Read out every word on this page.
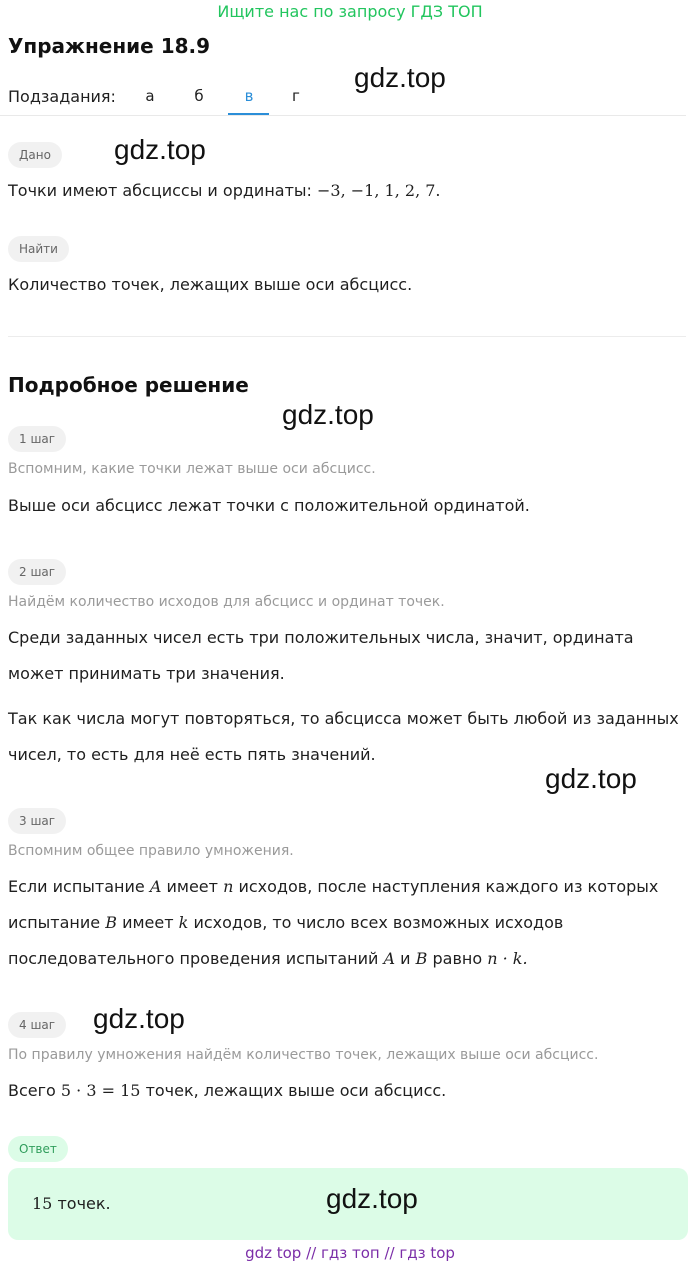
Ищите нас по запросу ГДЗ ТОП
Упражнение 18.9
gdz.top
Подзадания:	а	б	в	г
Дано	gdz.top
Точки имеют абсциссы и ординаты: −3, −1, 1, 2, 7.
Найти
Количество точек, лежащих выше оси абсцисс.
Подробное решение
gdz.top
1 шаг
Вспомним, какие точки лежат выше оси абсцисс.
Выше оси абсцисс лежат точки с положительной ординатой.
2 шаг
Найдём количество исходов для абсцисс и ординат точек.
Среди заданных чисел есть три положительных числа, значит, ордината
может принимать три значения.
Так как числа могут повторяться, то абсцисса может быть любой из заданных
чисел, то есть для неё есть пять значений.
gdz.top
3 шаг
Вспомним общее правило умножения.
Если испытание A имеет n исходов, после наступления каждого из которых
испытание B имеет k исходов, то число всех возможных исходов
последовательного проведения испытаний A и B равно n · k.
4 шаг	gdz.top
По правилу умножения найдём количество точек, лежащих выше оси абсцисс.
Всего 5 · 3 = 15 точек, лежащих выше оси абсцисс.
Ответ
15 точек.	gdz.top
gdz top // гдз топ // гдз top
